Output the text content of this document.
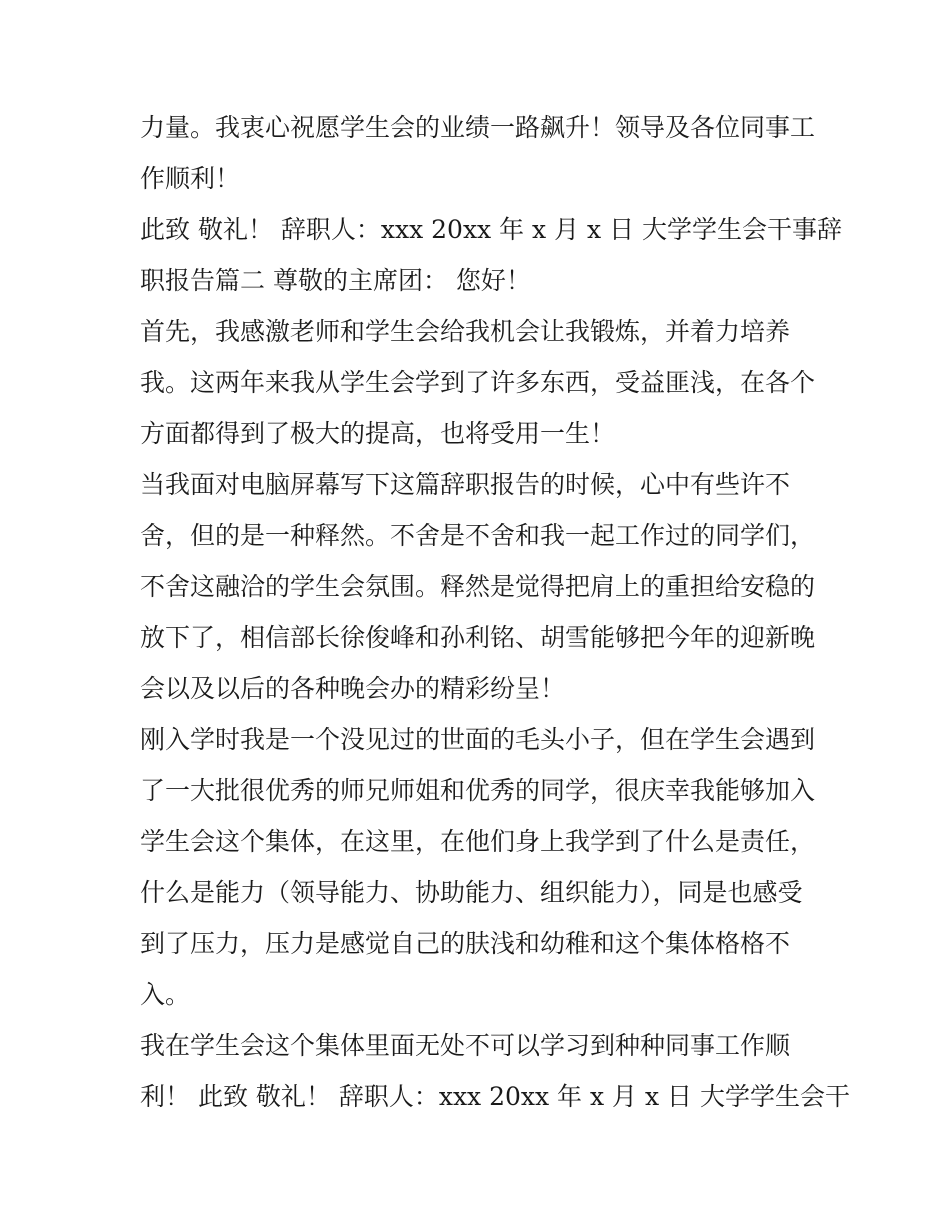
力量。我衷心祝愿学生会的业绩一路飙升！领导及各位同事工

作顺利！

此致 敬礼！ 辞职人：xxx 20xx 年 x 月 x 日 大学学生会干事辞

职报告篇二 尊敬的主席团： 您好！

首先，我感激老师和学生会给我机会让我锻炼，并着力培养

我。这两年来我从学生会学到了许多东西，受益匪浅，在各个

方面都得到了极大的提高，也将受用一生！

当我面对电脑屏幕写下这篇辞职报告的时候，心中有些许不

舍，但的是一种释然。不舍是不舍和我一起工作过的同学们，

不舍这融洽的学生会氛围。释然是觉得把肩上的重担给安稳的

放下了，相信部长徐俊峰和孙利铭、胡雪能够把今年的迎新晚

会以及以后的各种晚会办的精彩纷呈！

刚入学时我是一个没见过的世面的毛头小子，但在学生会遇到

了一大批很优秀的师兄师姐和优秀的同学，很庆幸我能够加入

学生会这个集体，在这里，在他们身上我学到了什么是责任，

什么是能力（领导能力、协助能力、组织能力），同是也感受

到了压力，压力是感觉自己的肤浅和幼稚和这个集体格格不

入。

我在学生会这个集体里面无处不可以学习到种种同事工作顺

利！ 此致 敬礼！ 辞职人：xxx 20xx 年 x 月 x 日 大学学生会干
